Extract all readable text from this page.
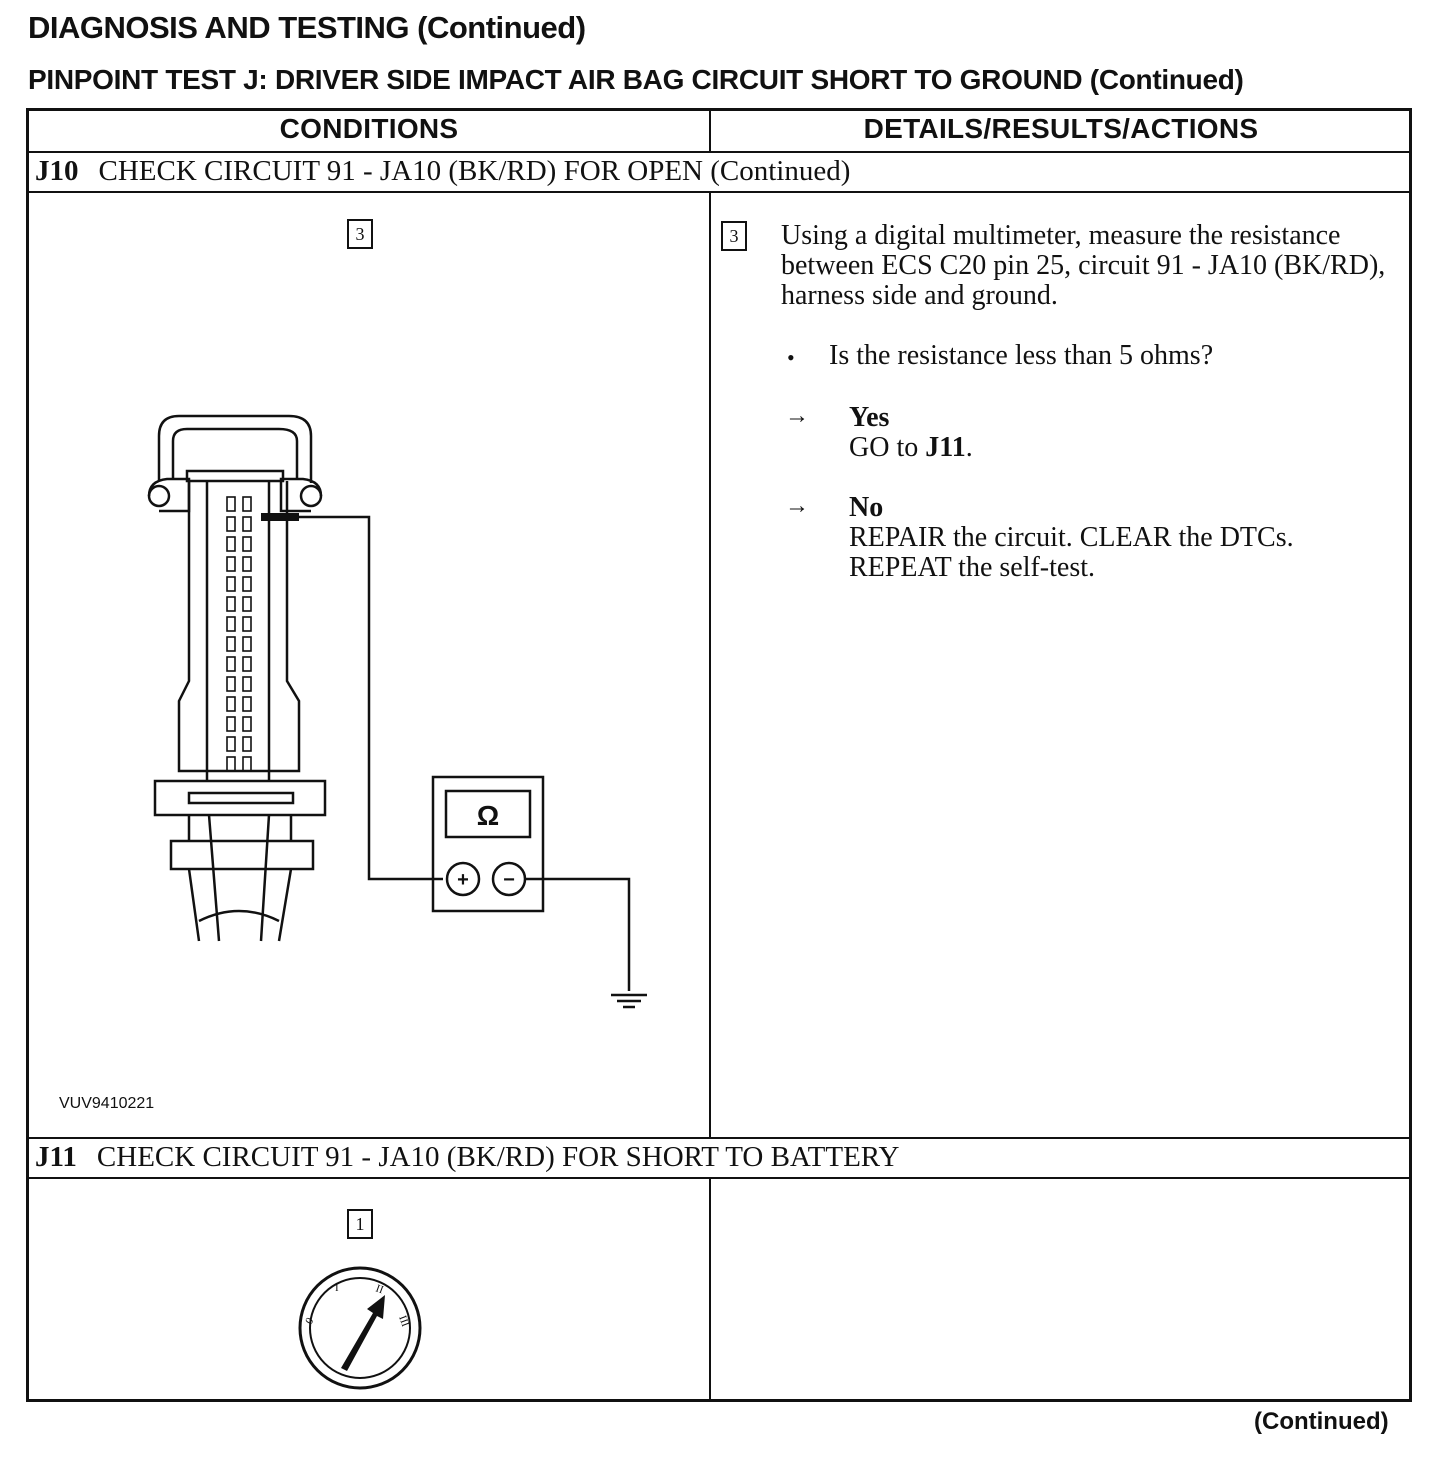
DIAGNOSIS AND TESTING (Continued)
PINPOINT TEST J: DRIVER SIDE IMPACT AIR BAG CIRCUIT SHORT TO GROUND (Continued)
CONDITIONS	DETAILS/RESULTS/ACTIONS
J10 CHECK CIRCUIT 91 - JA10 (BK/RD) FOR OPEN (Continued)
3
Ω
+ −
VUV9410221
3	Using a digital multimeter, measure the resistance between ECS C20 pin 25, circuit 91 - JA10 (BK/RD), harness side and ground.
• Is the resistance less than 5 ohms?
→ Yes
GO to J11.
→ No
REPAIR the circuit. CLEAR the DTCs.
REPEAT the self-test.
J11 CHECK CIRCUIT 91 - JA10 (BK/RD) FOR SHORT TO BATTERY
1
0
I	II
III
(Continued)
